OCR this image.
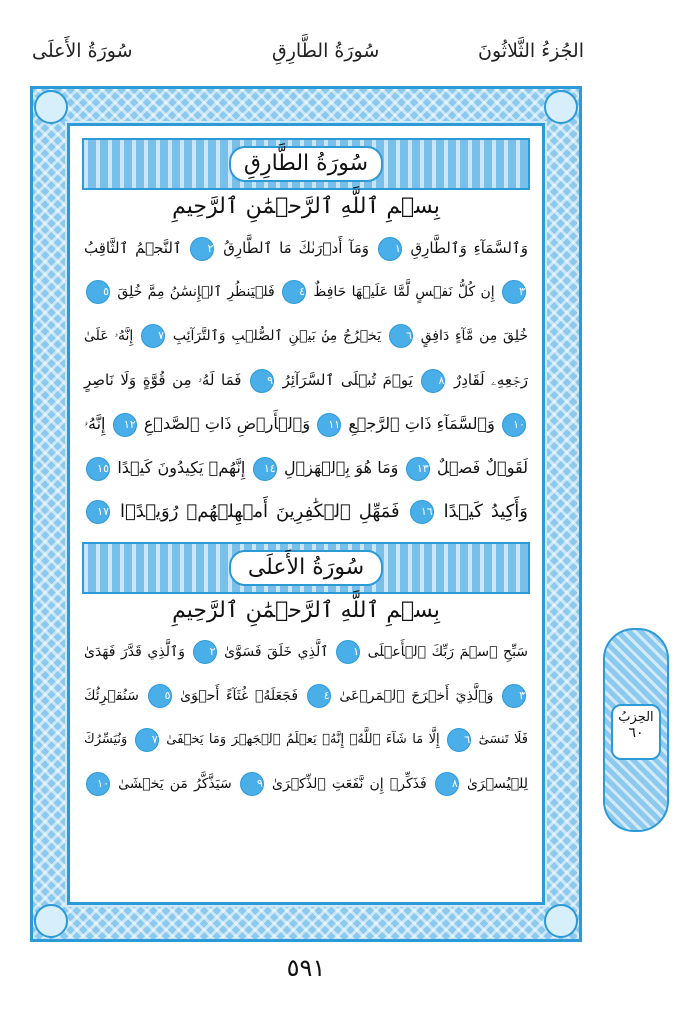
الجُزءُ الثَّلاثُونَ
سُورَةُ الطَّارِقِ
سُورَةُ الأَعلَى
سُورَةُ الطَّارِقِ
بِسۡمِ ٱللَّهِ ٱلرَّحۡمَٰنِ ٱلرَّحِيمِ
وَٱلسَّمَآءِ وَٱلطَّارِقِ ١ وَمَآ أَدۡرَىٰكَ مَا ٱلطَّارِقُ ٢ ٱلنَّجۡمُ ٱلثَّاقِبُ
٣ إِن كُلُّ نَفۡسٍ لَّمَّا عَلَيۡهَا حَافِظٌ ٤ فَلۡيَنظُرِ ٱلۡإِنسَٰنُ مِمَّ خُلِقَ ٥
خُلِقَ مِن مَّآءٍ دَافِقٍ ٦ يَخۡرُجُ مِنۢ بَيۡنِ ٱلصُّلۡبِ وَٱلتَّرَآئِبِ ٧ إِنَّهُۥ عَلَىٰ
رَجۡعِهِۦ لَقَادِرٌ ٨ يَوۡمَ تُبۡلَى ٱلسَّرَآئِرُ ٩ فَمَا لَهُۥ مِن قُوَّةٍ وَلَا نَاصِرٍ
١٠ وَٱلسَّمَآءِ ذَاتِ ٱلرَّجۡعِ ١١ وَٱلۡأَرۡضِ ذَاتِ ٱلصَّدۡعِ ١٢ إِنَّهُۥ
لَقَوۡلٌ فَصۡلٌ ١٣ وَمَا هُوَ بِٱلۡهَزۡلِ ١٤ إِنَّهُمۡ يَكِيدُونَ كَيۡدًا ١٥
وَأَكِيدُ كَيۡدًا ١٦ فَمَهِّلِ ٱلۡكَٰفِرِينَ أَمۡهِلۡهُمۡ رُوَيۡدًۢا ١٧
سُورَةُ الأَعلَى
بِسۡمِ ٱللَّهِ ٱلرَّحۡمَٰنِ ٱلرَّحِيمِ
سَبِّحِ ٱسۡمَ رَبِّكَ ٱلۡأَعۡلَى ١ ٱلَّذِي خَلَقَ فَسَوَّىٰ ٢ وَٱلَّذِي قَدَّرَ فَهَدَىٰ
٣ وَٱلَّذِيٓ أَخۡرَجَ ٱلۡمَرۡعَىٰ ٤ فَجَعَلَهُۥ غُثَآءً أَحۡوَىٰ ٥ سَنُقۡرِئُكَ
فَلَا تَنسَىٰٓ ٦ إِلَّا مَا شَآءَ ٱللَّهُۚ إِنَّهُۥ يَعۡلَمُ ٱلۡجَهۡرَ وَمَا يَخۡفَىٰ ٧ وَنُيَسِّرُكَ
لِلۡيُسۡرَىٰ ٨ فَذَكِّرۡ إِن نَّفَعَتِ ٱلذِّكۡرَىٰ ٩ سَيَذَّكَّرُ مَن يَخۡشَىٰ ١٠
الحِزبُ
٦٠
٥٩١
